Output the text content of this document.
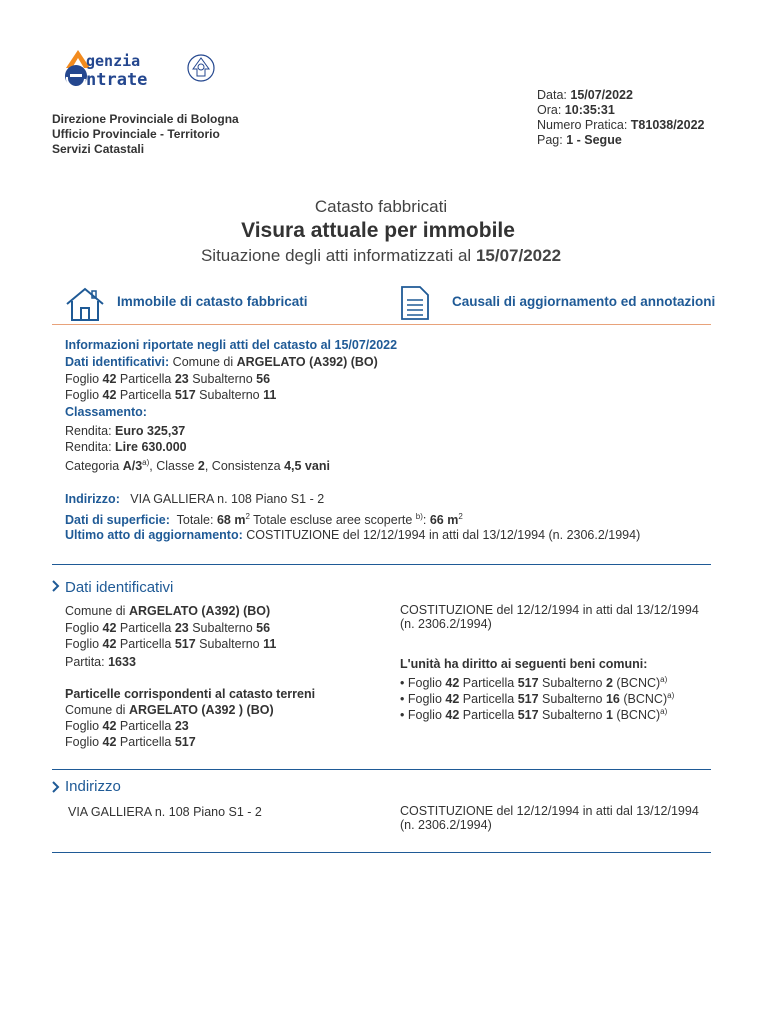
genzia
ntrate
Direzione Provinciale di Bologna
Ufficio Provinciale - Territorio
Servizi Catastali
Data: 15/07/2022
Ora: 10:35:31
Numero Pratica: T81038/2022
Pag: 1 - Segue
Catasto fabbricati
Visura attuale per immobile
Situazione degli atti informatizzati al 15/07/2022
Immobile di catasto fabbricati	Causali di aggiornamento ed annotazioni
Informazioni riportate negli atti del catasto al 15/07/2022
Dati identificativi: Comune di ARGELATO (A392) (BO)
Foglio 42 Particella 23 Subalterno 56
Foglio 42 Particella 517 Subalterno 11
Classamento:
Rendita: Euro 325,37
Rendita: Lire 630.000
Categoria A/3$^{a)}$, Classe 2, Consistenza 4,5 vani
Indirizzo: VIA GALLIERA n. 108 Piano S1 - 2
Dati di superficie: Totale: 68 $m^2$ Totale escluse aree scoperte $^{b)}$: 66 $m^2$
Ultimo atto di aggiornamento: COSTITUZIONE del 12/12/1994 in atti dal 13/12/1994 (n. 2306.2/1994)
Dati identificativi
Comune di ARGELATO (A392) (BO)
Foglio 42 Particella 23 Subalterno 56
Foglio 42 Particella 517 Subalterno 11
Partita: 1633
Particelle corrispondenti al catasto terreni
Comune di ARGELATO (A392 ) (BO)
Foglio 42 Particella 23
Foglio 42 Particella 517
COSTITUZIONE del 12/12/1994 in atti dal 13/12/1994
(n. 2306.2/1994)
L'unità ha diritto ai seguenti beni comuni:
• Foglio 42 Particella 517 Subalterno 2 (BCNC)$^{a)}$
• Foglio 42 Particella 517 Subalterno 16 (BCNC)$^{a)}$
• Foglio 42 Particella 517 Subalterno 1 (BCNC)$^{a)}$
Indirizzo
VIA GALLIERA n. 108 Piano S1 - 2	COSTITUZIONE del 12/12/1994 in atti dal 13/12/1994
(n. 2306.2/1994)
